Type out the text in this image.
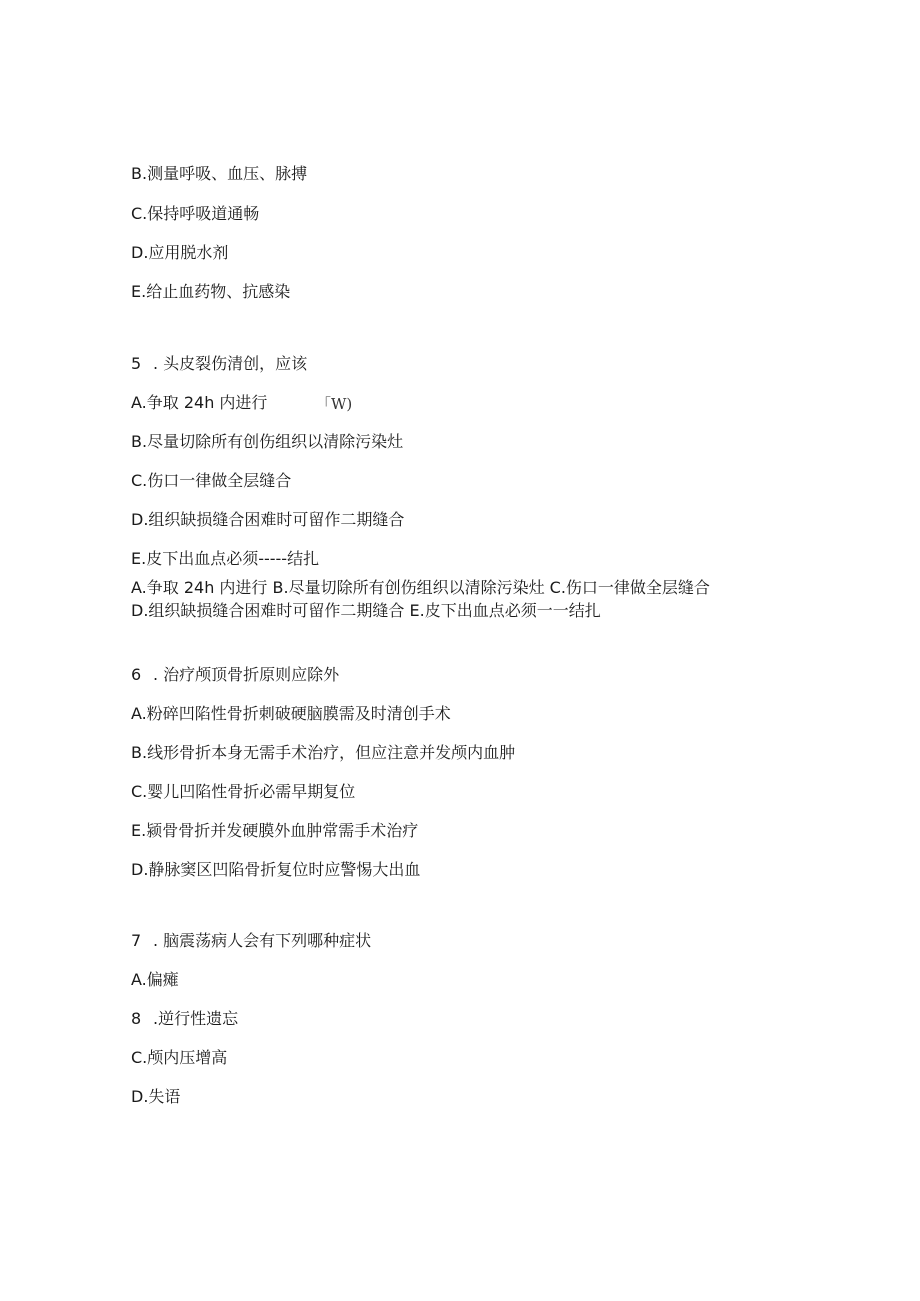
B.测量呼吸、血压、脉搏
C.保持呼吸道通畅
D.应用脱水剂
E.给止血药物、抗感染
5 . 头皮裂伤清创，应该
A.争取 24h 内进行	「W)
B.尽量切除所有创伤组织以清除污染灶
C.伤口一律做全层缝合
D.组织缺损缝合困难时可留作二期缝合
E.皮下出血点必须-----结扎
A.争取 24h 内进行 B.尽量切除所有创伤组织以清除污染灶 C.伤口一律做全层缝合
D.组织缺损缝合困难时可留作二期缝合 E.皮下出血点必须一一结扎
6 . 治疗颅顶骨折原则应除外
A.粉碎凹陷性骨折刺破硬脑膜需及时清创手术
B.线形骨折本身无需手术治疗，但应注意并发颅内血肿
C.婴儿凹陷性骨折必需早期复位
E.颍骨骨折并发硬膜外血肿常需手术治疗
D.静脉窦区凹陷骨折复位时应警惕大出血
7 . 脑震荡病人会有下列哪种症状
A.偏瘫
8 .逆行性遗忘
C.颅内压增高
D.失语
